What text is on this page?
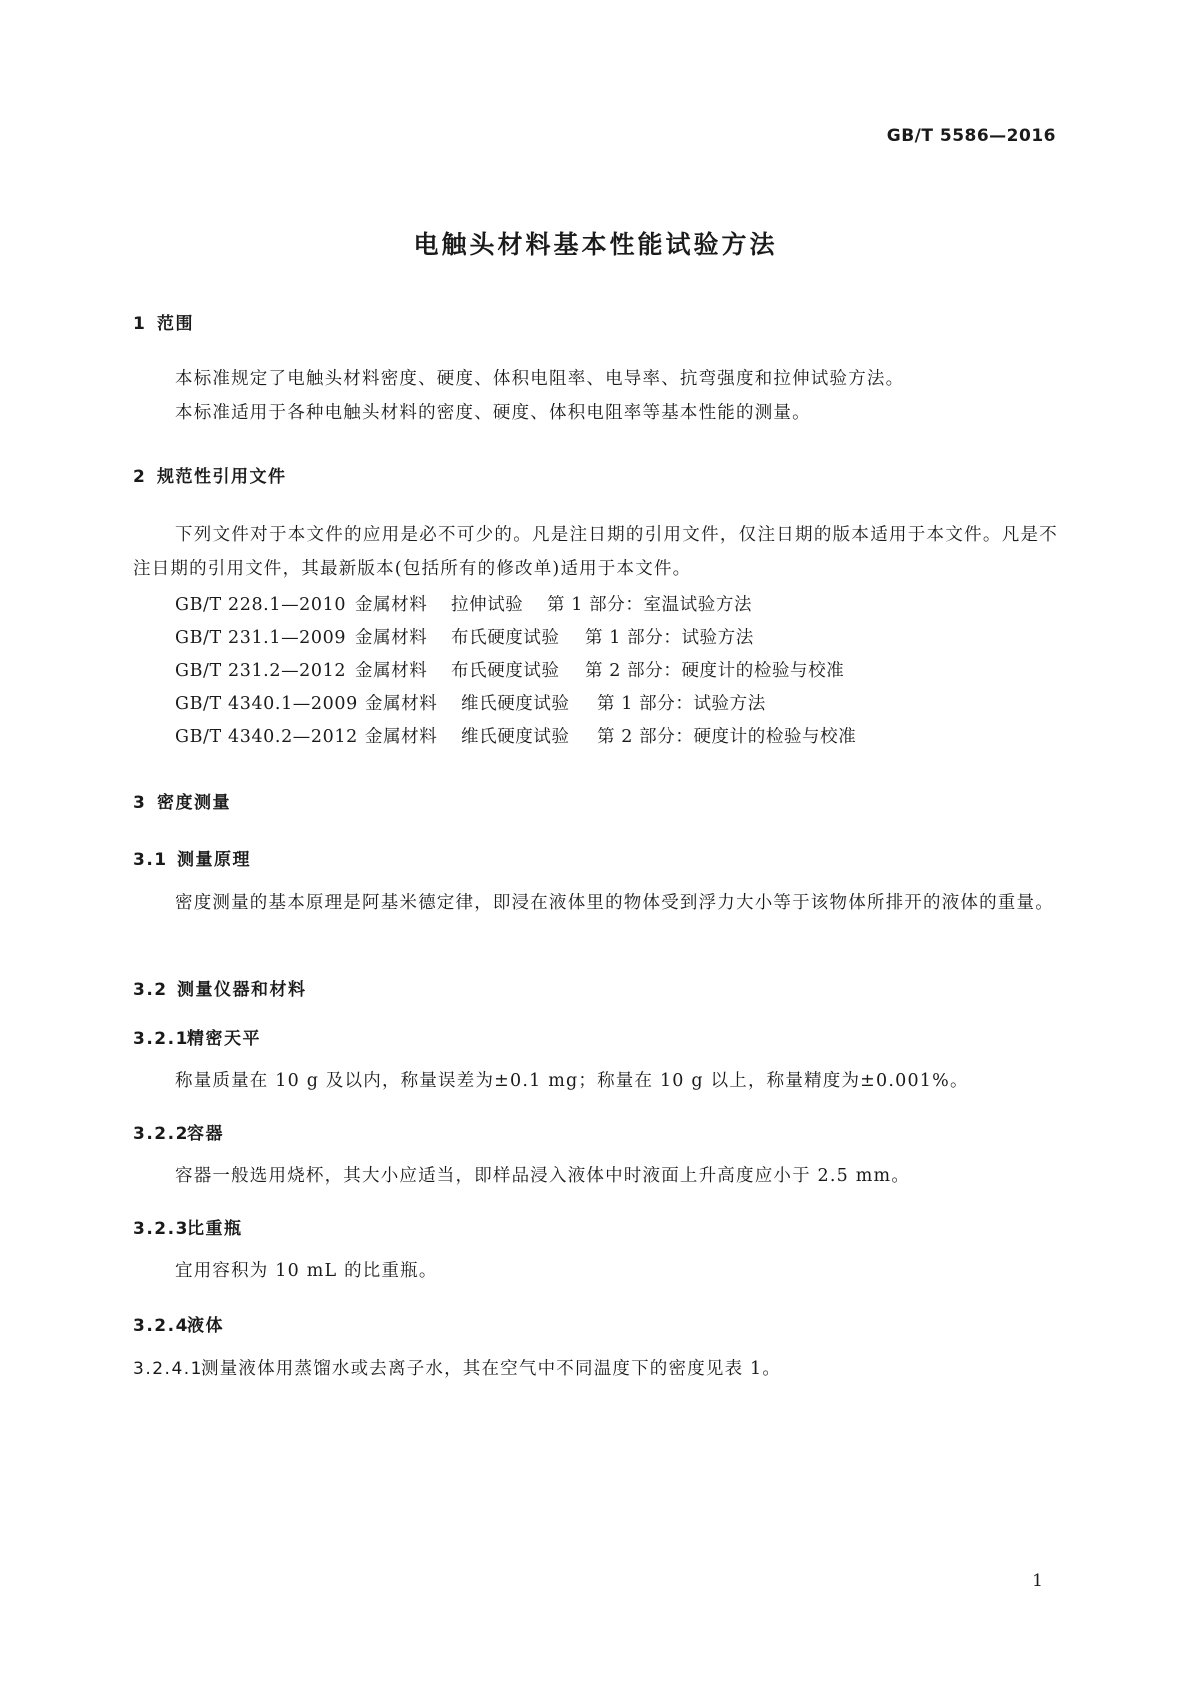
GB/T 5586—2016
电触头材料基本性能试验方法
1 范围
本标准规定了电触头材料密度、硬度、体积电阻率、电导率、抗弯强度和拉伸试验方法。
本标准适用于各种电触头材料的密度、硬度、体积电阻率等基本性能的测量。
2 规范性引用文件
下列文件对于本文件的应用是必不可少的。凡是注日期的引用文件，仅注日期的版本适用于本文件。凡是不注日期的引用文件，其最新版本(包括所有的修改单)适用于本文件。
GB/T 228.1—2010 金属材料 拉伸试验 第 1 部分：室温试验方法
GB/T 231.1—2009 金属材料 布氏硬度试验 第 1 部分：试验方法
GB/T 231.2—2012 金属材料 布氏硬度试验 第 2 部分：硬度计的检验与校准
GB/T 4340.1—2009 金属材料 维氏硬度试验 第 1 部分：试验方法
GB/T 4340.2—2012 金属材料 维氏硬度试验 第 2 部分：硬度计的检验与校准
3 密度测量
3.1 测量原理
密度测量的基本原理是阿基米德定律，即浸在液体里的物体受到浮力大小等于该物体所排开的液体的重量。
3.2 测量仪器和材料
3.2.1精密天平
称量质量在 10 g 及以内，称量误差为±0.1 mg；称量在 10 g 以上，称量精度为±0.001%。
3.2.2容器
容器一般选用烧杯，其大小应适当，即样品浸入液体中时液面上升高度应小于 2.5 mm。
3.2.3比重瓶
宜用容积为 10 mL 的比重瓶。
3.2.4液体
3.2.4.1测量液体用蒸馏水或去离子水，其在空气中不同温度下的密度见表 1。
1
